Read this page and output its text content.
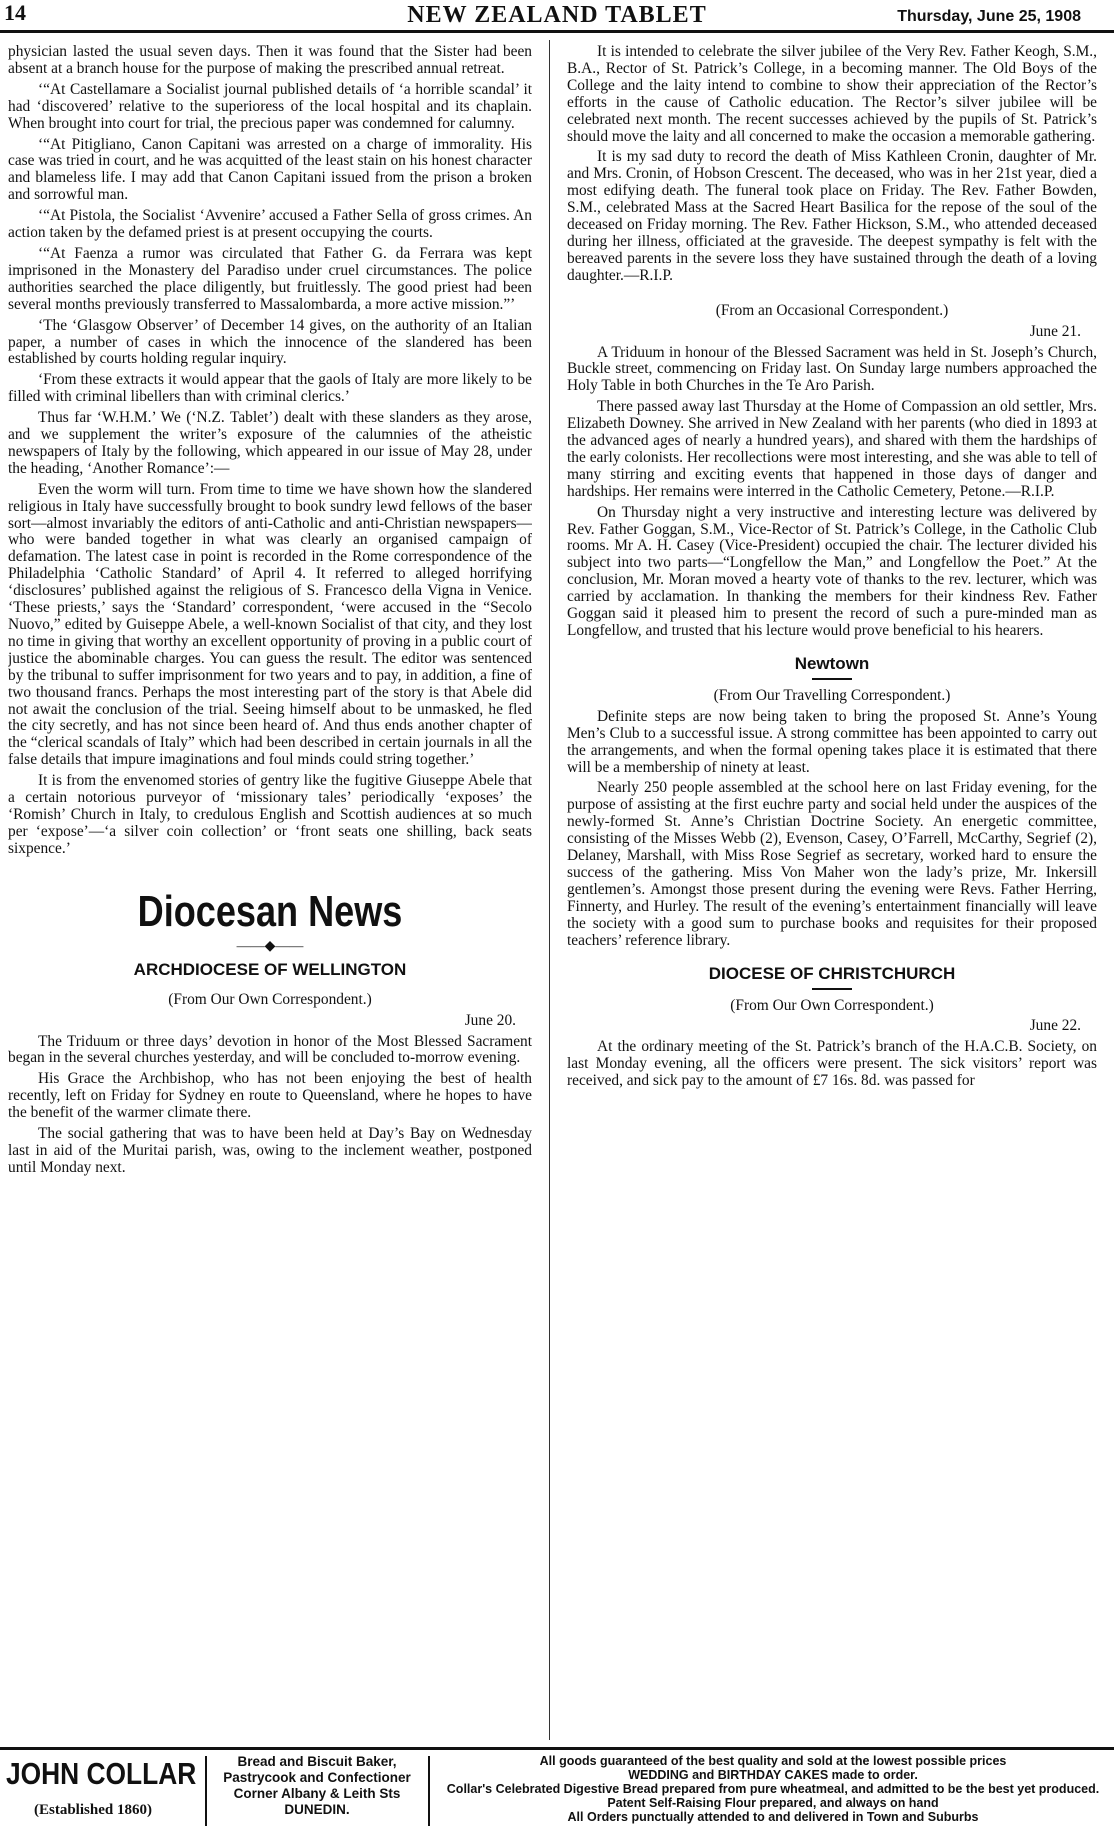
14	NEW ZEALAND TABLET	Thursday, June 25, 1908

physician lasted the usual seven days. Then it was found that the Sister had been absent at a branch house for the purpose of making the prescribed annual retreat.

‘“At Castellamare a Socialist journal published details of ‘a horrible scandal’ it had ‘discovered’ relative to the superioress of the local hospital and its chaplain. When brought into court for trial, the precious paper was condemned for calumny.

‘“At Pitigliano, Canon Capitani was arrested on a charge of immorality. His case was tried in court, and he was acquitted of the least stain on his honest character and blameless life. I may add that Canon Capitani issued from the prison a broken and sorrowful man.

‘“At Pistola, the Socialist ‘Avvenire’ accused a Father Sella of gross crimes. An action taken by the defamed priest is at present occupying the courts.

‘“At Faenza a rumor was circulated that Father G. da Ferrara was kept imprisoned in the Monastery del Paradiso under cruel circumstances. The police authorities searched the place diligently, but fruitlessly. The good priest had been several months previously transferred to Massalombarda, a more active mission.”’

‘The ‘Glasgow Observer’ of December 14 gives, on the authority of an Italian paper, a number of cases in which the innocence of the slandered has been established by courts holding regular inquiry.

‘From these extracts it would appear that the gaols of Italy are more likely to be filled with criminal libellers than with criminal clerics.’

Thus far ‘W.H.M.’ We (‘N.Z. Tablet’) dealt with these slanders as they arose, and we supplement the writer’s exposure of the calumnies of the atheistic newspapers of Italy by the following, which appeared in our issue of May 28, under the heading, ‘Another Romance’:—

Even the worm will turn. From time to time we have shown how the slandered religious in Italy have successfully brought to book sundry lewd fellows of the baser sort—almost invariably the editors of anti-Catholic and anti-Christian newspapers—who were banded together in what was clearly an organised campaign of defamation. The latest case in point is recorded in the Rome correspondence of the Philadelphia ‘Catholic Standard’ of April 4. It referred to alleged horrifying ‘disclosures’ published against the religious of S. Francesco della Vigna in Venice. ‘These priests,’ says the ‘Standard’ correspondent, ‘were accused in the “Secolo Nuovo,” edited by Guiseppe Abele, a well-known Socialist of that city, and they lost no time in giving that worthy an excellent opportunity of proving in a public court of justice the abominable charges. You can guess the result. The editor was sentenced by the tribunal to suffer imprisonment for two years and to pay, in addition, a fine of two thousand francs. Perhaps the most interesting part of the story is that Abele did not await the conclusion of the trial. Seeing himself about to be unmasked, he fled the city secretly, and has not since been heard of. And thus ends another chapter of the “clerical scandals of Italy” which had been described in certain journals in all the false details that impure imaginations and foul minds could string together.’

It is from the envenomed stories of gentry like the fugitive Giuseppe Abele that a certain notorious purveyor of ‘missionary tales’ periodically ‘exposes’ the ‘Romish’ Church in Italy, to credulous English and Scottish audiences at so much per ‘expose’—‘a silver coin collection’ or ‘front seats one shilling, back seats sixpence.’

Diocesan News
——◆——
ARCHDIOCESE OF WELLINGTON

(From Our Own Correspondent.)

June 20.

The Triduum or three days’ devotion in honor of the Most Blessed Sacrament began in the several churches yesterday, and will be concluded to-morrow evening.

His Grace the Archbishop, who has not been enjoying the best of health recently, left on Friday for Sydney en route to Queensland, where he hopes to have the benefit of the warmer climate there.

The social gathering that was to have been held at Day’s Bay on Wednesday last in aid of the Muritai parish, was, owing to the inclement weather, postponed until Monday next.

It is intended to celebrate the silver jubilee of the Very Rev. Father Keogh, S.M., B.A., Rector of St. Patrick’s College, in a becoming manner. The Old Boys of the College and the laity intend to combine to show their appreciation of the Rector’s efforts in the cause of Catholic education. The Rector’s silver jubilee will be celebrated next month. The recent successes achieved by the pupils of St. Patrick’s should move the laity and all concerned to make the occasion a memorable gathering.

It is my sad duty to record the death of Miss Kathleen Cronin, daughter of Mr. and Mrs. Cronin, of Hobson Crescent. The deceased, who was in her 21st year, died a most edifying death. The funeral took place on Friday. The Rev. Father Bowden, S.M., celebrated Mass at the Sacred Heart Basilica for the repose of the soul of the deceased on Friday morning. The Rev. Father Hickson, S.M., who attended deceased during her illness, officiated at the graveside. The deepest sympathy is felt with the bereaved parents in the severe loss they have sustained through the death of a loving daughter.—R.I.P.

(From an Occasional Correspondent.)

June 21.

A Triduum in honour of the Blessed Sacrament was held in St. Joseph’s Church, Buckle street, commencing on Friday last. On Sunday large numbers approached the Holy Table in both Churches in the Te Aro Parish.

There passed away last Thursday at the Home of Compassion an old settler, Mrs. Elizabeth Downey. She arrived in New Zealand with her parents (who died in 1893 at the advanced ages of nearly a hundred years), and shared with them the hardships of the early colonists. Her recollections were most interesting, and she was able to tell of many stirring and exciting events that happened in those days of danger and hardships. Her remains were interred in the Catholic Cemetery, Petone.—R.I.P.

On Thursday night a very instructive and interesting lecture was delivered by Rev. Father Goggan, S.M., Vice-Rector of St. Patrick’s College, in the Catholic Club rooms. Mr A. H. Casey (Vice-President) occupied the chair. The lecturer divided his subject into two parts—“Longfellow the Man,” and Longfellow the Poet.” At the conclusion, Mr. Moran moved a hearty vote of thanks to the rev. lecturer, which was carried by acclamation. In thanking the members for their kindness Rev. Father Goggan said it pleased him to present the record of such a pure-minded man as Longfellow, and trusted that his lecture would prove beneficial to his hearers.

Newtown

(From Our Travelling Correspondent.)

Definite steps are now being taken to bring the proposed St. Anne’s Young Men’s Club to a successful issue. A strong committee has been appointed to carry out the arrangements, and when the formal opening takes place it is estimated that there will be a membership of ninety at least.

Nearly 250 people assembled at the school here on last Friday evening, for the purpose of assisting at the first euchre party and social held under the auspices of the newly-formed St. Anne’s Christian Doctrine Society. An energetic committee, consisting of the Misses Webb (2), Evenson, Casey, O’Farrell, McCarthy, Segrief (2), Delaney, Marshall, with Miss Rose Segrief as secretary, worked hard to ensure the success of the gathering. Miss Von Maher won the lady’s prize, Mr. Inkersill gentlemen’s. Amongst those present during the evening were Revs. Father Herring, Finnerty, and Hurley. The result of the evening’s entertainment financially will leave the society with a good sum to purchase books and requisites for their proposed teachers’ reference library.

DIOCESE OF CHRISTCHURCH

(From Our Own Correspondent.)

June 22.

At the ordinary meeting of the St. Patrick’s branch of the H.A.C.B. Society, on last Monday evening, all the officers were present. The sick visitors’ report was received, and sick pay to the amount of £7 16s. 8d. was passed for

JOHN COLLAR
(Established 1860)
Bread and Biscuit Baker,
Pastrycook and Confectioner
Corner Albany & Leith Sts
DUNEDIN.
All goods guaranteed of the best quality and sold at the lowest possible prices
WEDDING and BIRTHDAY CAKES made to order.
Collar's Celebrated Digestive Bread prepared from pure wheatmeal, and admitted to be the best yet produced. Patent Self-Raising Flour prepared, and always on hand
All Orders punctually attended to and delivered in Town and Suburbs
